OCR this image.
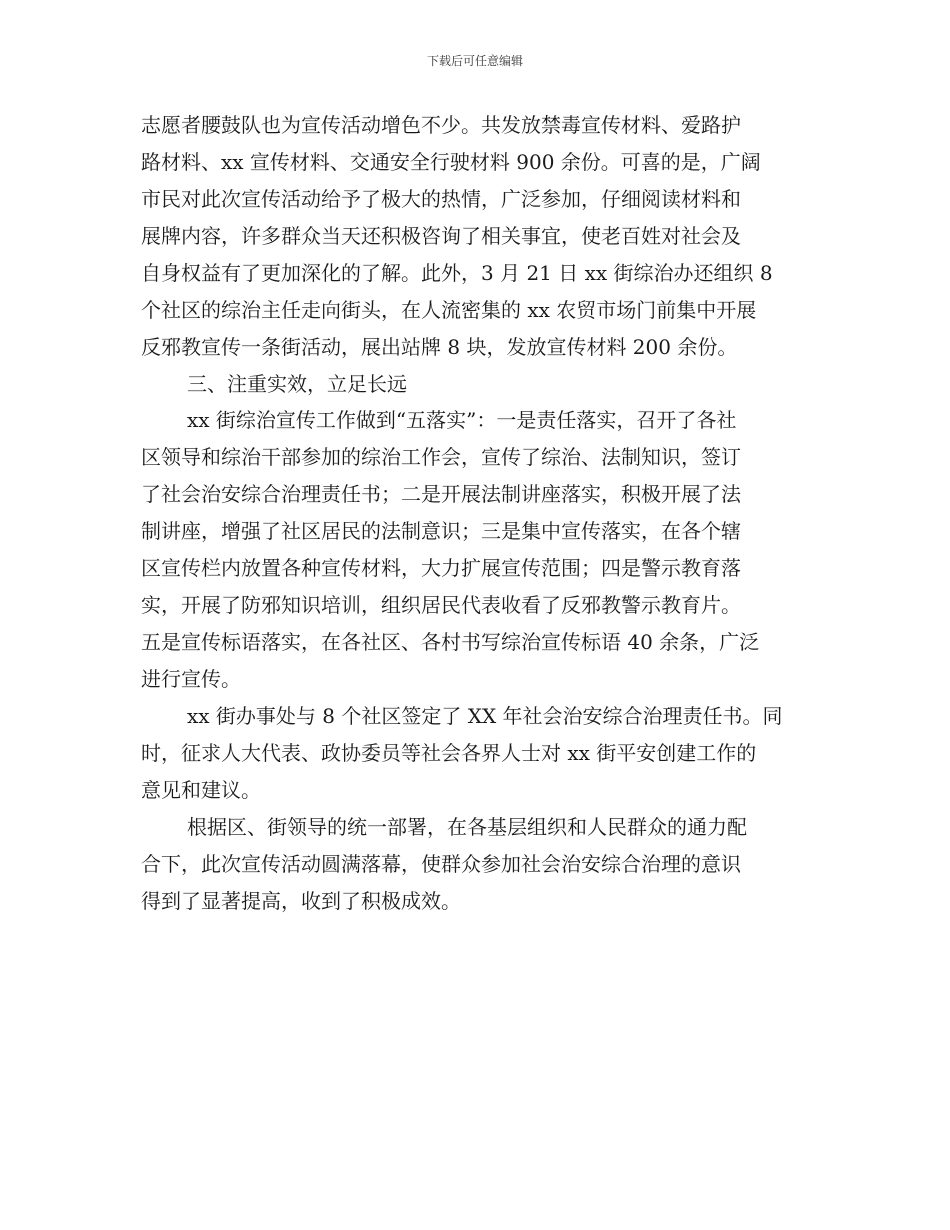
下载后可任意编辑
志愿者腰鼓队也为宣传活动增色不少。共发放禁毒宣传材料、爱路护
路材料、xx 宣传材料、交通安全行驶材料 900 余份。可喜的是，广阔
市民对此次宣传活动给予了极大的热情，广泛参加，仔细阅读材料和
展牌内容，许多群众当天还积极咨询了相关事宜，使老百姓对社会及
自身权益有了更加深化的了解。此外，3 月 21 日 xx 街综治办还组织 8
个社区的综治主任走向街头，在人流密集的 xx 农贸市场门前集中开展
反邪教宣传一条街活动，展出站牌 8 块，发放宣传材料 200 余份。
三、注重实效，立足长远
xx 街综治宣传工作做到“五落实”：一是责任落实，召开了各社
区领导和综治干部参加的综治工作会，宣传了综治、法制知识，签订
了社会治安综合治理责任书；二是开展法制讲座落实，积极开展了法
制讲座，增强了社区居民的法制意识；三是集中宣传落实，在各个辖
区宣传栏内放置各种宣传材料，大力扩展宣传范围；四是警示教育落
实，开展了防邪知识培训，组织居民代表收看了反邪教警示教育片。
五是宣传标语落实，在各社区、各村书写综治宣传标语 40 余条，广泛
进行宣传。
xx 街办事处与 8 个社区签定了 XX 年社会治安综合治理责任书。同
时，征求人大代表、政协委员等社会各界人士对 xx 街平安创建工作的
意见和建议。
根据区、街领导的统一部署，在各基层组织和人民群众的通力配
合下，此次宣传活动圆满落幕，使群众参加社会治安综合治理的意识
得到了显著提高，收到了积极成效。
